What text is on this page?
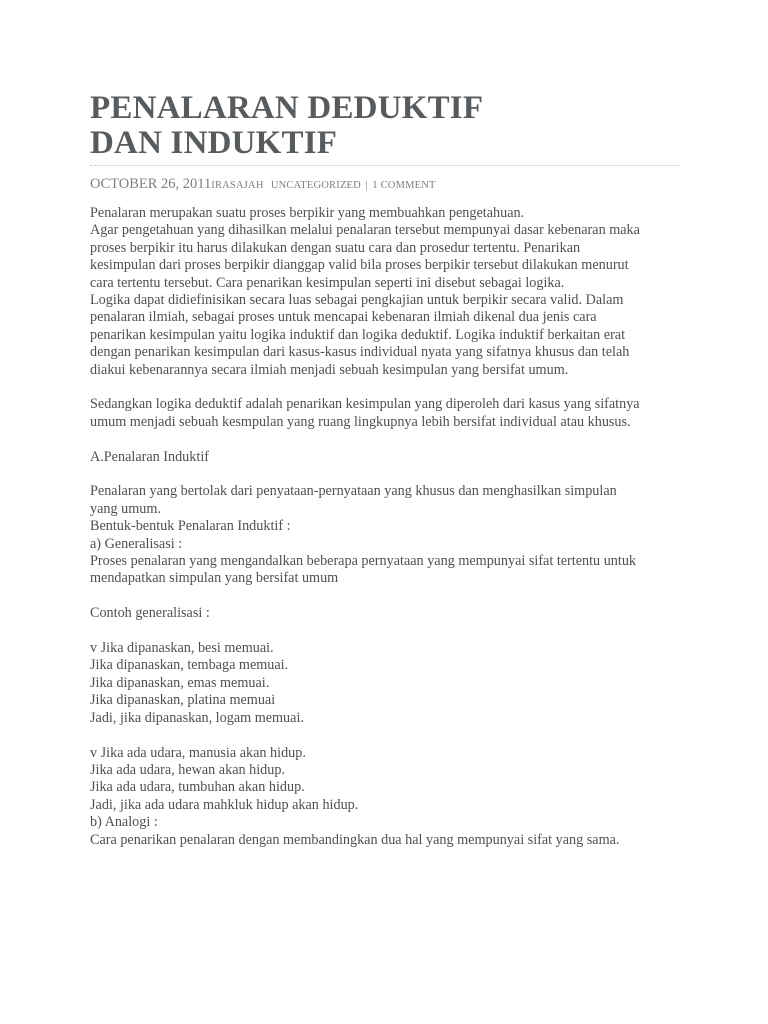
PENALARAN DEDUKTIF
DAN INDUKTIF
OCTOBER 26, 2011IRASAJAH UNCATEGORIZED | 1 COMMENT

Penalaran merupakan suatu proses berpikir yang membuahkan pengetahuan.
Agar pengetahuan yang dihasilkan melalui penalaran tersebut mempunyai dasar kebenaran maka
proses berpikir itu harus dilakukan dengan suatu cara dan prosedur tertentu. Penarikan
kesimpulan dari proses berpikir dianggap valid bila proses berpikir tersebut dilakukan menurut
cara tertentu tersebut. Cara penarikan kesimpulan seperti ini disebut sebagai logika.
Logika dapat didiefinisikan secara luas sebagai pengkajian untuk berpikir secara valid. Dalam
penalaran ilmiah, sebagai proses untuk mencapai kebenaran ilmiah dikenal dua jenis cara
penarikan kesimpulan yaitu logika induktif dan logika deduktif. Logika induktif berkaitan erat
dengan penarikan kesimpulan dari kasus-kasus individual nyata yang sifatnya khusus dan telah
diakui kebenarannya secara ilmiah menjadi sebuah kesimpulan yang bersifat umum.

Sedangkan logika deduktif adalah penarikan kesimpulan yang diperoleh dari kasus yang sifatnya
umum menjadi sebuah kesmpulan yang ruang lingkupnya lebih bersifat individual atau khusus.

A.Penalaran Induktif

Penalaran yang bertolak dari penyataan-pernyataan yang khusus dan menghasilkan simpulan
yang umum.
Bentuk-bentuk Penalaran Induktif :
a) Generalisasi :
Proses penalaran yang mengandalkan beberapa pernyataan yang mempunyai sifat tertentu untuk
mendapatkan simpulan yang bersifat umum

Contoh generalisasi :

v Jika dipanaskan, besi memuai.
Jika dipanaskan, tembaga memuai.
Jika dipanaskan, emas memuai.
Jika dipanaskan, platina memuai
Jadi, jika dipanaskan, logam memuai.

v Jika ada udara, manusia akan hidup.
Jika ada udara, hewan akan hidup.
Jika ada udara, tumbuhan akan hidup.
Jadi, jika ada udara mahkluk hidup akan hidup.
b) Analogi :
Cara penarikan penalaran dengan membandingkan dua hal yang mempunyai sifat yang sama.
